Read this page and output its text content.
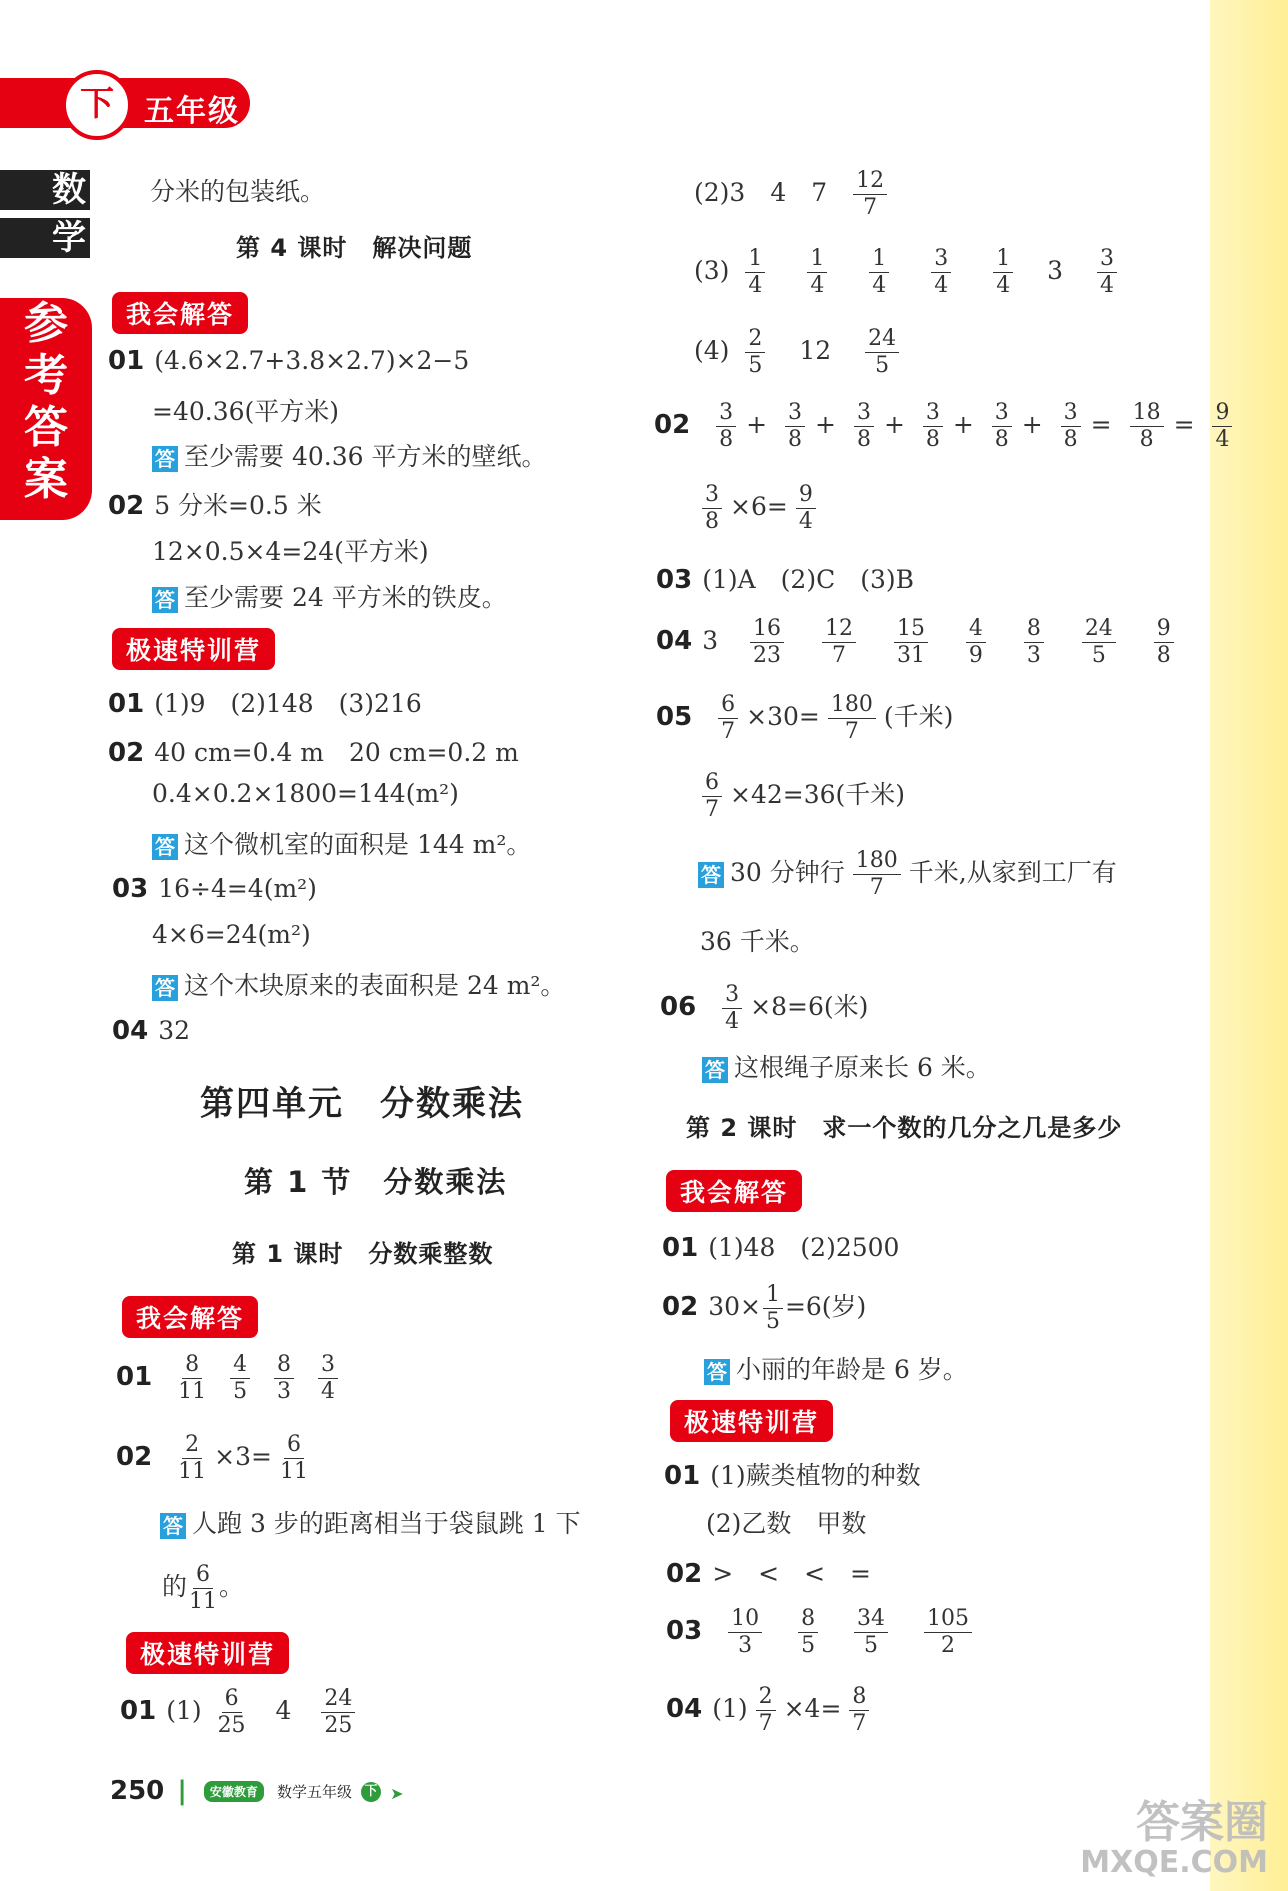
下	五年级
数
学
参
考
答
案
分米的包装纸。
第 4 课时　解决问题
我会解答
01 (4.6×2.7+3.8×2.7)×2−5
=40.36(平方米)
答 至少需要 40.36 平方米的壁纸。
02 5 分米=0.5 米
12×0.5×4=24(平方米)
答 至少需要 24 平方米的铁皮。
极速特训营
01 (1)9　(2)148　(3)216
02 40 cm=0.4 m　20 cm=0.2 m
0.4×0.2×1800=144(m²)
答 这个微机室的面积是 144 m²。
03 16÷4=4(m²)
4×6=24(m²)
答 这个木块原来的表面积是 24 m²。
04 32
第四单元　分数乘法
第 1 节　分数乘法
第 1 课时　分数乘整数
我会解答
$01 \frac{8}{11}$
$\frac{4}{5}$
$\frac{8}{3}$
$\frac{3}{4}$
$02 \frac{2}{11} \times 3= \frac{6}{11}$
答 人跑 3 步的距离相当于袋鼠跳 1 下
的 $\frac{6}{11}$ 。
极速特训营
01 $(1) \frac{6}{25} 4 \frac{24}{25}$
(2)3　4　$7 \frac{12}{7}$
$(3) \frac{1}{4}$
$\frac{1}{4}$
$\frac{1}{4}$
$\frac{3}{4}$
$\frac{1}{4} 3 \frac{3}{4}$
$(4) \frac{2}{5} 12 \frac{24}{5}$
$02 \frac{3}{8} + \frac{3}{8} + \frac{3}{8} + \frac{3}{8} + \frac{3}{8} + \frac{3}{8} = \frac{18}{8} = \frac{9}{4}$
$\frac{3}{8} \times 6= \frac{9}{4}$
03 (1)A　(2)C　(3)B
04 $3 \frac{16}{23}$
$\frac{12}{7}$
$\frac{15}{31}$
$\frac{4}{9}$
$\frac{8}{3}$
$\frac{24}{5}$
$\frac{9}{8}$
$05 \frac{6}{7} \times 30= \frac{180}{7}$ (千米)
$\frac{6}{7} \times 42=36$(千米)
答 30 分钟行 $\frac{180}{7}$ 千米,从家到工厂有
36 千米。
$06 \frac{3}{4} \times 8=6$(米)
答 这根绳子原来长 6 米。
第 2 课时　求一个数的几分之几是多少
我会解答
01 (1)48　(2)2500
02 $30\times \frac{1}{5} =6$(岁)
答 小丽的年龄是 6 岁。
极速特训营
01 (1)蕨类植物的种数
(2)乙数　甲数
02 >　<　<　=
$03 \frac{10}{3}$
$\frac{8}{5}$
$\frac{34}{5}$
$\frac{105}{2}$
04 $(1) \frac{2}{7} \times 4= \frac{8}{7}$
250 | 安徽教育 数学五年级 下 ➤
答案圈
MXQE.COM
